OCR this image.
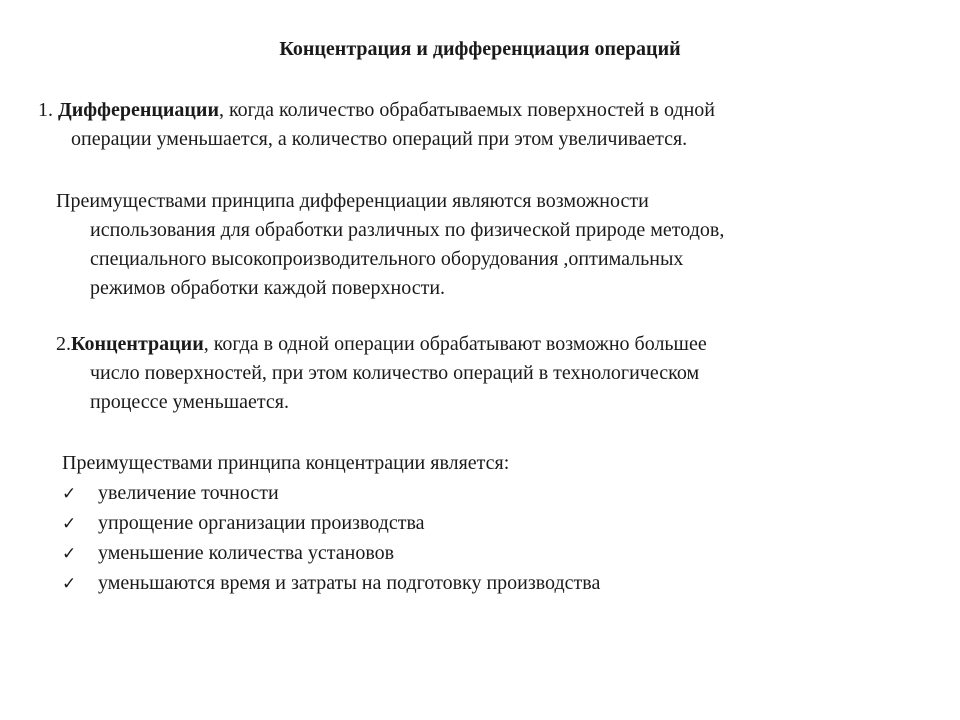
Концентрация и дифференциация операций
1. Дифференциации, когда количество обрабатываемых поверхностей в одной
операции уменьшается, а количество операций при этом увеличивается.
Преимуществами принципа дифференциации являются возможности
использования для обработки различных по физической природе методов,
специального высокопроизводительного оборудования ,оптимальных
режимов обработки каждой поверхности.
2.Концентрации, когда в одной операции обрабатывают возможно большее
число поверхностей, при этом количество операций в технологическом
процессе уменьшается.
Преимуществами принципа концентрации является:
✓	увеличение точности
✓	упрощение организации производства
✓	уменьшение количества установов
✓	уменьшаются время и затраты на подготовку производства
